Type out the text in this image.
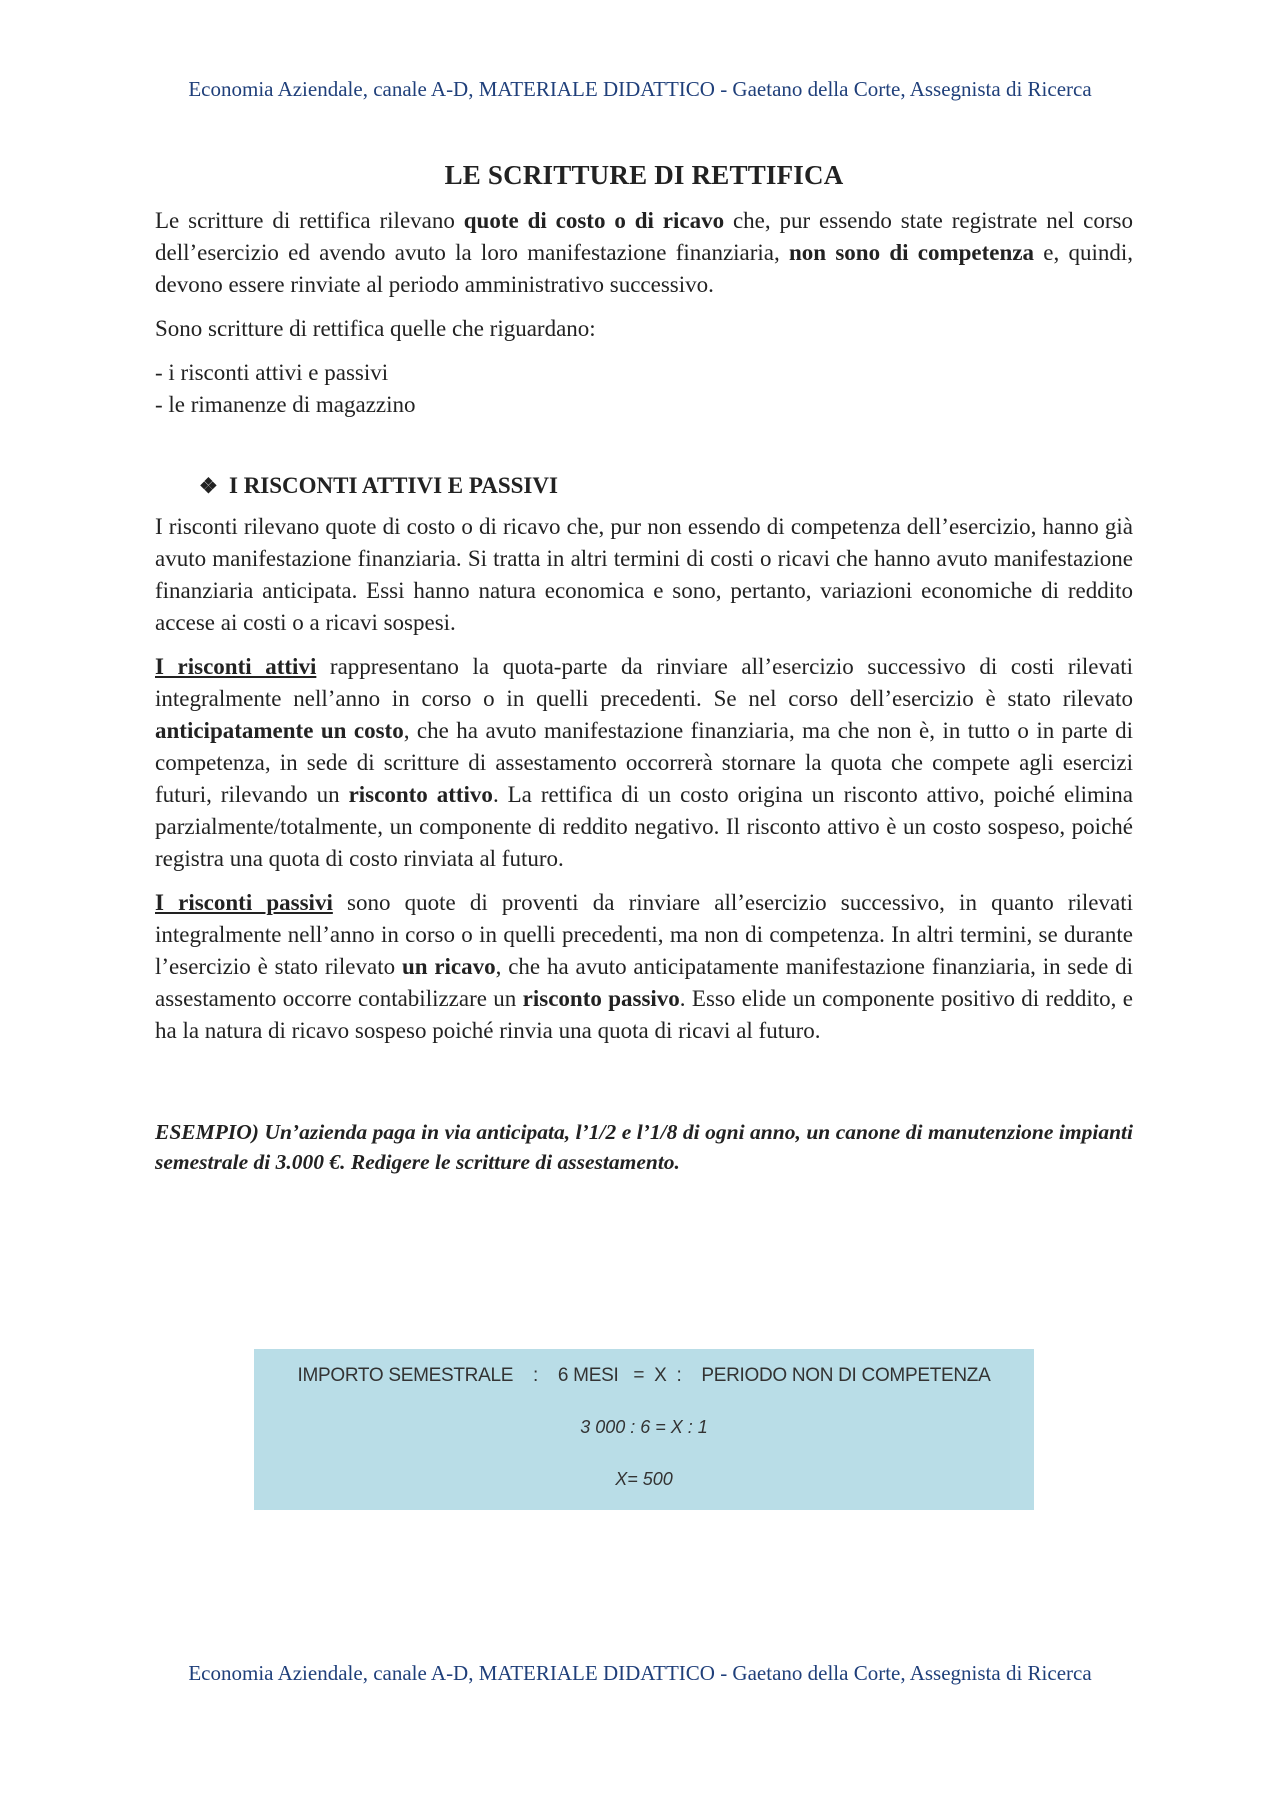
Economia Aziendale, canale A-D, MATERIALE DIDATTICO - Gaetano della Corte, Assegnista di Ricerca
LE SCRITTURE DI RETTIFICA

Le scritture di rettifica rilevano quote di costo o di ricavo che, pur essendo state registrate nel corso dell’esercizio ed avendo avuto la loro manifestazione finanziaria, non sono di competenza e, quindi, devono essere rinviate al periodo amministrativo successivo.

Sono scritture di rettifica quelle che riguardano:

- i risconti attivi e passivi
- le rimanenze di magazzino
❖ I RISCONTI ATTIVI E PASSIVI

I risconti rilevano quote di costo o di ricavo che, pur non essendo di competenza dell’esercizio, hanno già avuto manifestazione finanziaria. Si tratta in altri termini di costi o ricavi che hanno avuto manifestazione finanziaria anticipata. Essi hanno natura economica e sono, pertanto, variazioni economiche di reddito accese ai costi o a ricavi sospesi.

I risconti attivi rappresentano la quota-parte da rinviare all’esercizio successivo di costi rilevati integralmente nell’anno in corso o in quelli precedenti. Se nel corso dell’esercizio è stato rilevato anticipatamente un costo, che ha avuto manifestazione finanziaria, ma che non è, in tutto o in parte di competenza, in sede di scritture di assestamento occorrerà stornare la quota che compete agli esercizi futuri, rilevando un risconto attivo. La rettifica di un costo origina un risconto attivo, poiché elimina parzialmente/totalmente, un componente di reddito negativo. Il risconto attivo è un costo sospeso, poiché registra una quota di costo rinviata al futuro.

I risconti passivi sono quote di proventi da rinviare all’esercizio successivo, in quanto rilevati integralmente nell’anno in corso o in quelli precedenti, ma non di competenza. In altri termini, se durante l’esercizio è stato rilevato un ricavo, che ha avuto anticipatamente manifestazione finanziaria, in sede di assestamento occorre contabilizzare un risconto passivo. Esso elide un componente positivo di reddito, e ha la natura di ricavo sospeso poiché rinvia una quota di ricavi al futuro.

ESEMPIO) Un’azienda paga in via anticipata, l’1/2 e l’1/8 di ogni anno, un canone di manutenzione impianti semestrale di 3.000 €. Redigere le scritture di assestamento.
IMPORTO SEMESTRALE    :    6 MESI   =  X  :    PERIODO NON DI COMPETENZA
3 000 : 6 = X : 1
X= 500
Economia Aziendale, canale A-D, MATERIALE DIDATTICO - Gaetano della Corte, Assegnista di Ricerca
